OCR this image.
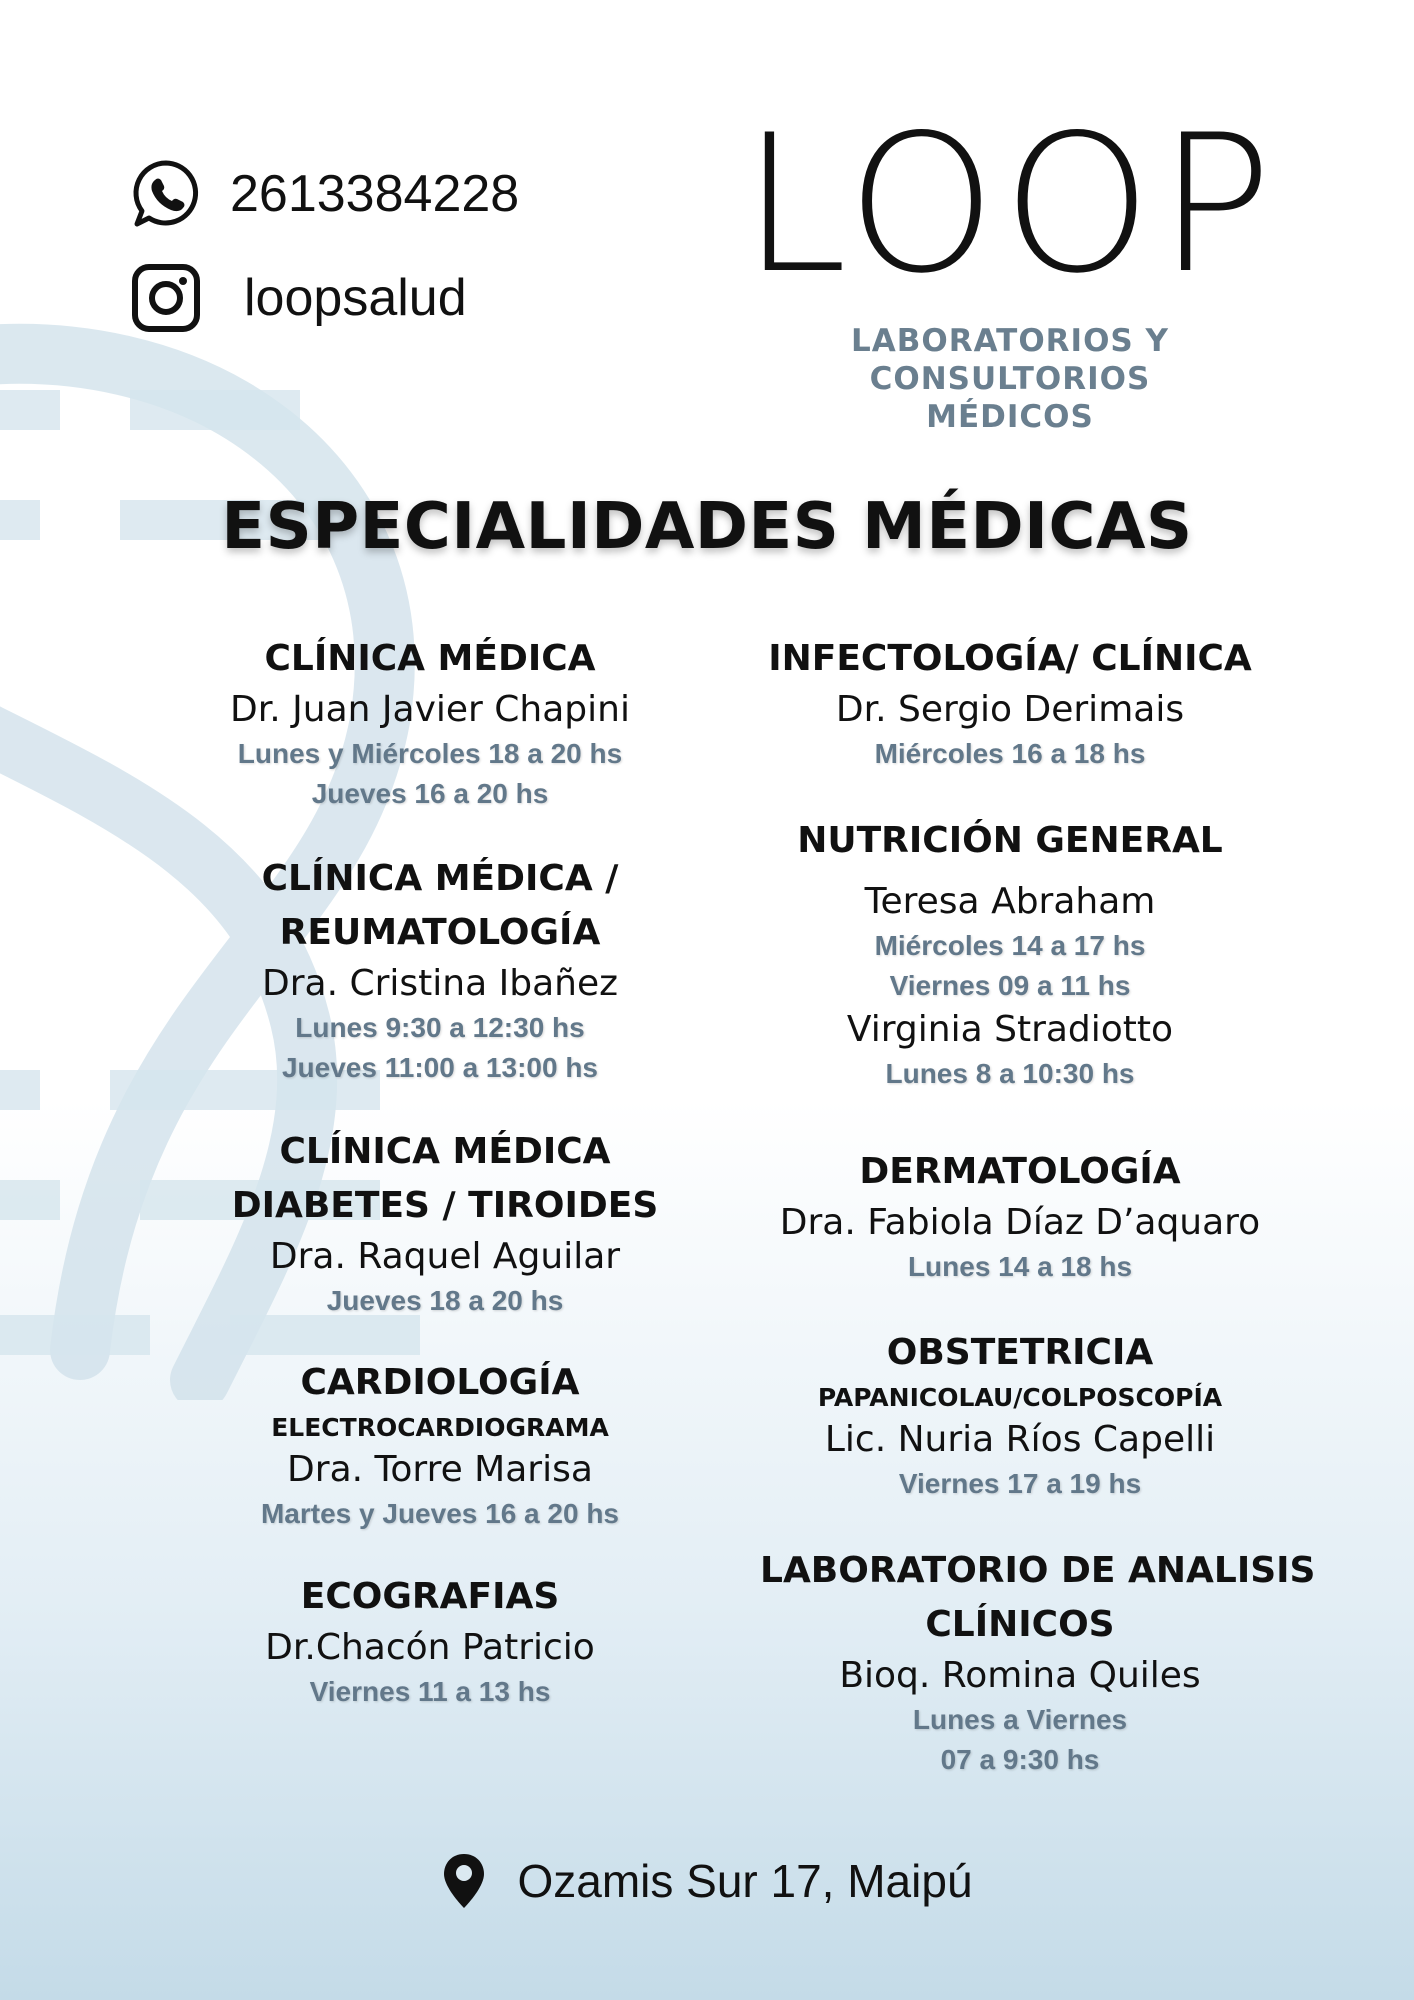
2613384228
loopsalud LOOP
LABORATORIOS Y
CONSULTORIOS
MÉDICOS
ESPECIALIDADES MÉDICAS
CLÍNICA MÉDICA
Dr. Juan Javier Chapini
Lunes y Miércoles 18 a 20 hs
Jueves 16 a 20 hs
CLÍNICA MÉDICA /
REUMATOLOGÍA
Dra. Cristina Ibañez
Lunes 9:30 a 12:30 hs
Jueves 11:00 a 13:00 hs
CLÍNICA MÉDICA
DIABETES / TIROIDES
Dra. Raquel Aguilar
Jueves 18 a 20 hs
CARDIOLOGÍA
ELECTROCARDIOGRAMA
Dra. Torre Marisa
Martes y Jueves 16 a 20 hs
ECOGRAFIAS
Dr.Chacón Patricio
Viernes 11 a 13 hs
INFECTOLOGÍA/ CLÍNICA
Dr. Sergio Derimais
Miércoles 16 a 18 hs
NUTRICIÓN GENERAL
Teresa Abraham
Miércoles 14 a 17 hs
Viernes 09 a 11 hs
Virginia Stradiotto
Lunes 8 a 10:30 hs
DERMATOLOGÍA
Dra. Fabiola Díaz D’aquaro
Lunes 14 a 18 hs
OBSTETRICIA
PAPANICOLAU/COLPOSCOPÍA
Lic. Nuria Ríos Capelli
Viernes 17 a 19 hs
LABORATORIO DE ANALISIS
CLÍNICOS
Bioq. Romina Quiles
Lunes a Viernes
07 a 9:30 hs
Ozamis Sur 17, Maipú
